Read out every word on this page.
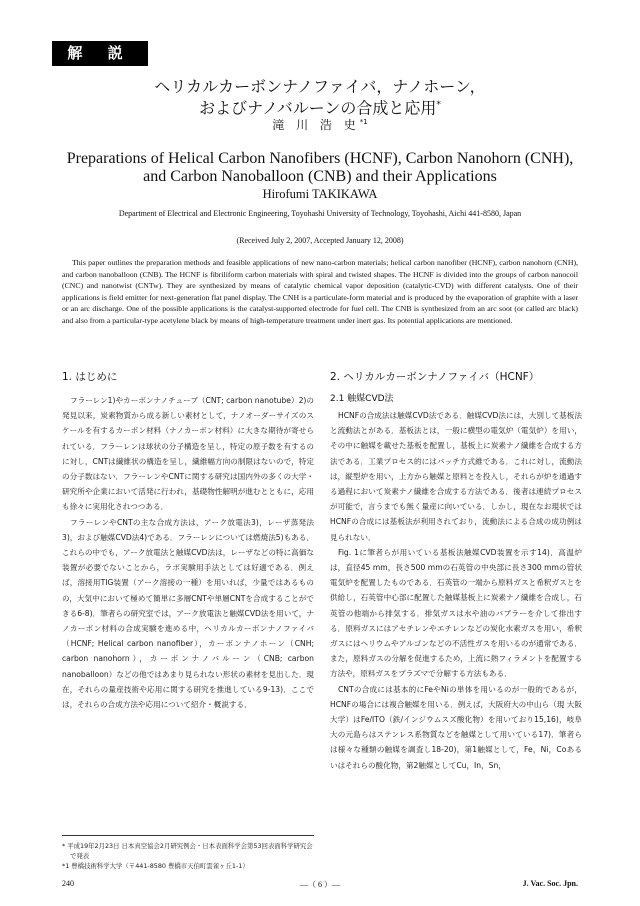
解 説
ヘリカルカーボンナノファイバ，ナノホーン，
およびナノバルーンの合成と応用*
滝 川 浩 史$^{*1}$
Preparations of Helical Carbon Nanofibers (HCNF), Carbon Nanohorn (CNH),
and Carbon Nanoballoon (CNB) and their Applications
Hirofumi TAKIKAWA
Department of Electrical and Electronic Engineering, Toyohashi University of Technology, Toyohashi, Aichi 441-8580, Japan
(Received July 2, 2007, Accepted January 12, 2008)
This paper outlines the preparation methods and feasible applications of new nano-carbon materials; helical carbon nanofiber (HCNF), carbon nanohorn (CNH), and carbon nanoballoon (CNB). The HCNF is fibriliform carbon materials with spiral and twisted shapes. The HCNF is divided into the groups of carbon nanocoil (CNC) and nanotwist (CNTw). They are synthesized by means of catalytic chemical vapor deposition (catalytic-CVD) with different catalysts. One of their applications is field emitter for next-generation flat panel display. The CNH is a particulate-form material and is produced by the evaporation of graphite with a laser or an arc discharge. One of the possible applications is the catalyst-supported electrode for fuel cell. The CNB is synthesized from an arc soot (or called arc black) and also from a particular-type acetylene black by means of high-temperature treatment under inert gas. Its potential applications are mentioned.
1. はじめに

フラーレン1)やカーボンナノチューブ（CNT; carbon nanotube）2)の発見以来，炭素物質から成る新しい素材として，ナノオーダーサイズのスケールを有するカーボン材料（ナノカーボン材料）に大きな期待が寄せられている．フラーレンは球状の分子構造を呈し，特定の原子数を有するのに対し，CNTは繊維状の構造を呈し，繊維幅方向の制限はないので，特定の分子数はない．フラーレンやCNTに関する研究は国内外の多くの大学・研究所や企業において活発に行われ，基礎物性解明が進むとともに，応用も徐々に実用化されつつある．

フラーレンやCNTの主な合成方法は，アーク放電法3)，レーザ蒸発法3)，および触媒CVD法4)である．フラーレンについては燃焼法5)もある．これらの中でも，アーク放電法と触媒CVD法は，レーザなどの特に高価な装置が必要でないことから，ラボ実験用手法としては好適である．例えば，溶接用TIG装置（アーク溶接の一種）を用いれば，少量ではあるものの，大気中において極めて簡単に多層CNTや単層CNTを合成することができる6-8)．筆者らの研究室では，アーク放電法と触媒CVD法を用いて，ナノカーボン材料の合成実験を進める中，ヘリカルカーボンナノファイバ（HCNF; Helical carbon nanofiber），カーボンナノホーン（CNH; carbon nanohorn），カーボンナノバルーン（CNB; carbon nanoballoon）などの他ではあまり見られない形状の素材を見出した．現在，それらの量産技術や応用に関する研究を推進している9-13)．ここでは，それらの合成方法や応用について紹介・概説する．

2. ヘリカルカーボンナノファイバ（HCNF）
2.1 触媒CVD法

HCNFの合成法は触媒CVD法である．触媒CVD法には，大別して基板法と流動法とがある．基板法とは，一般に横型の電気炉（電気炉）を用い，その中に触媒を載せた基板を配置し，基板上に炭素ナノ繊維を合成する方法である．工業プロセス的にはバッチ方式維である．これに対し，流動法は，縦型炉を用い，上方から触媒と原料とを投入し，それらが炉を通過する過程において炭素ナノ繊維を合成する方法である．後者は連続プロセスが可能で，言うまでも無く量産に向いている．しかし，現在なお現状ではHCNFの合成には基板法が利用されており，流動法による合成の成功例は見られない．

Fig. 1に筆者らが用いている基板法触媒CVD装置を示す14)．高温炉は，直径45 mm，長さ500 mmの石英管の中央部に長さ300 mmの管状電気炉を配置したものである．石英管の一端から原料ガスと希釈ガスとを供給し，石英管中心部に配置した触媒基板上に炭素ナノ繊維を合成し，石英管の他端から排気する．排気ガスは水や油のバブラーを介して排出する．原料ガスにはアセチレンやエチレンなどの炭化水素ガスを用い，希釈ガスにはヘリウムやアルゴンなどの不活性ガスを用いるのが通常である．また，原料ガスの分解を促進するため，上流に熱フィラメントを配置する方法や，原料ガスをプラズマで分解する方法もある．

CNTの合成には基本的にFeやNiの単体を用いるのが一般的であるが，HCNFの場合には複合触媒を用いる．例えば，大阪府大の中山ら（現 大阪大学）はFe/ITO（鉄/インジウムスズ酸化物）を用いており15,16)，岐阜大の元島らはステンレス系物質などを触媒として用いている17)．筆者らは様々な種類の触媒を調査し18-20)，第1触媒として，Fe，Ni，Coあるいはそれらの酸化物，第2触媒としてCu，In，Sn，

* 平成19年2月23日 日本真空協会2月研究例会・日本表面科学会第53回表面科学研究会で発表
*1 豊橋技術科学大学（〒441-8580 豊橋市天伯町雲雀ヶ丘1-1）
240	—（ 6 ）—	J. Vac. Soc. Jpn.
